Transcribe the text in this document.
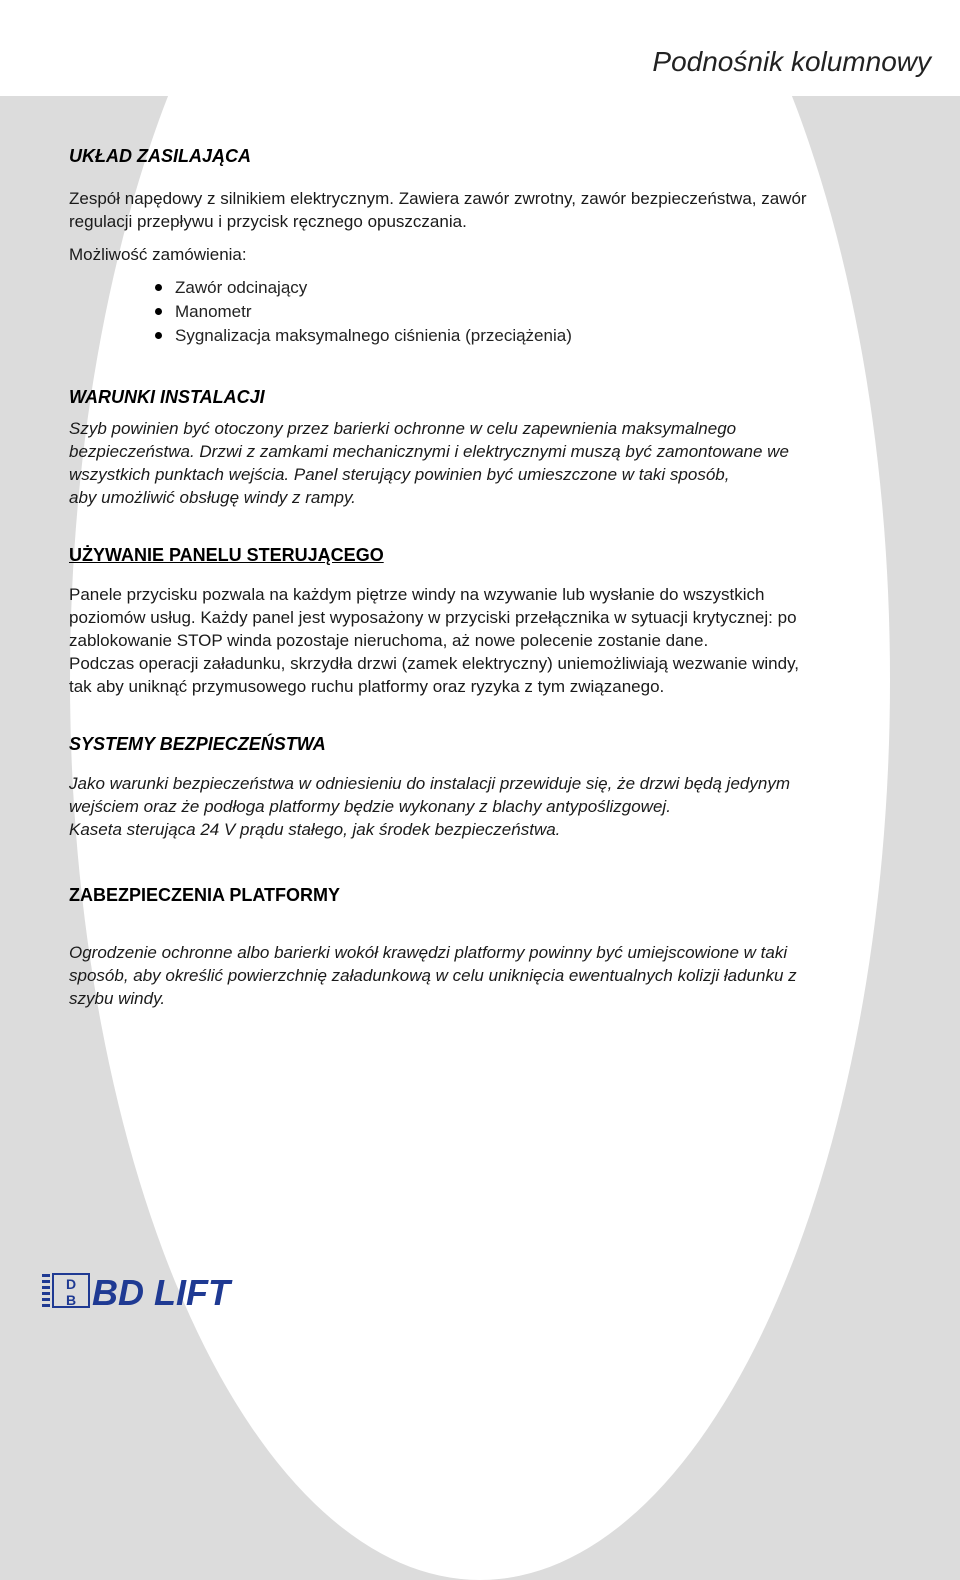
Podnośnik kolumnowy
UKŁAD ZASILAJĄCA

Zespół napędowy z silnikiem elektrycznym. Zawiera zawór zwrotny, zawór bezpieczeństwa, zawór
regulacji przepływu i przycisk ręcznego opuszczania.

Możliwość zamówienia:

Zawór odcinający
Manometr
Sygnalizacja maksymalnego ciśnienia (przeciążenia)
WARUNKI INSTALACJI

Szyb powinien być otoczony przez barierki ochronne w celu zapewnienia maksymalnego
bezpieczeństwa. Drzwi z zamkami mechanicznymi i elektrycznymi muszą być zamontowane we
wszystkich punktach wejścia. Panel sterujący powinien być umieszczone w taki sposób,
aby umożliwić obsługę windy z rampy.

UŻYWANIE PANELU STERUJĄCEGO

Panele przycisku pozwala na każdym piętrze windy na wzywanie lub wysłanie do wszystkich
poziomów usług. Każdy panel jest wyposażony w przyciski przełącznika w sytuacji krytycznej: po
zablokowanie STOP winda pozostaje nieruchoma, aż nowe polecenie zostanie dane.
Podczas operacji załadunku, skrzydła drzwi (zamek elektryczny) uniemożliwiają wezwanie windy,
tak aby uniknąć przymusowego ruchu platformy oraz ryzyka z tym związanego.

SYSTEMY BEZPIECZEŃSTWA

Jako warunki bezpieczeństwa w odniesieniu do instalacji przewiduje się, że drzwi będą jedynym
wejściem oraz że podłoga platformy będzie wykonany z blachy antypoślizgowej.
Kaseta sterująca 24 V prądu stałego, jak środek bezpieczeństwa.

ZABEZPIECZENIA PLATFORMY

Ogrodzenie ochronne albo barierki wokół krawędzi platformy powinny być umiejscowione w taki
sposób, aby określić powierzchnię załadunkową w celu uniknięcia ewentualnych kolizji ładunku z
szybu windy.

D
B BD LIFT
